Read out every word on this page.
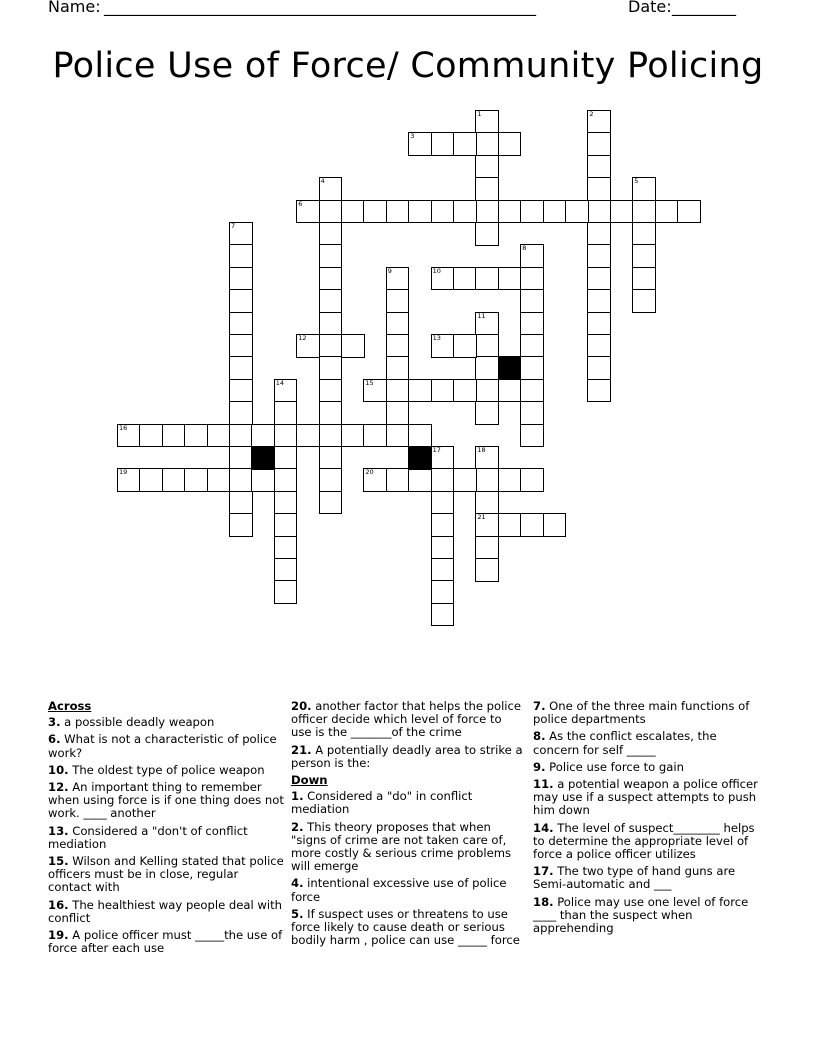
Name: ______________________________________________________	Date: ________
Police Use of Force/ Community Policing
1	2
3
4	5
6
7
8
9	10
11
12	13
14	15
16
17	18
21
19	20
Across
3. a possible deadly weapon
6. What is not a characteristic of police work?
10. The oldest type of police weapon
12. An important thing to remember when using force is if one thing does not work. ____ another
13. Considered a "don't of conflict mediation
15. Wilson and Kelling stated that police officers must be in close, regular contact with
16. The healthiest way people deal with conflict
19. A police officer must _____the use of force after each use
20. another factor that helps the police officer decide which level of force to use is the _______of the crime
21. A potentially deadly area to strike a person is the:
Down
1. Considered a "do" in conflict mediation
2. This theory proposes that when "signs of crime are not taken care of, more costly & serious crime problems will emerge
4. intentional excessive use of police force
5. If suspect uses or threatens to use force likely to cause death or serious bodily harm , police can use _____ force
7. One of the three main functions of police departments
8. As the conflict escalates, the concern for self _____
9. Police use force to gain
11. a potential weapon a police officer may use if a suspect attempts to push him down
14. The level of suspect________ helps to determine the appropriate level of force a police officer utilizes
17. The two type of hand guns are Semi-automatic and ___
18. Police may use one level of force ____ than the suspect when apprehending
